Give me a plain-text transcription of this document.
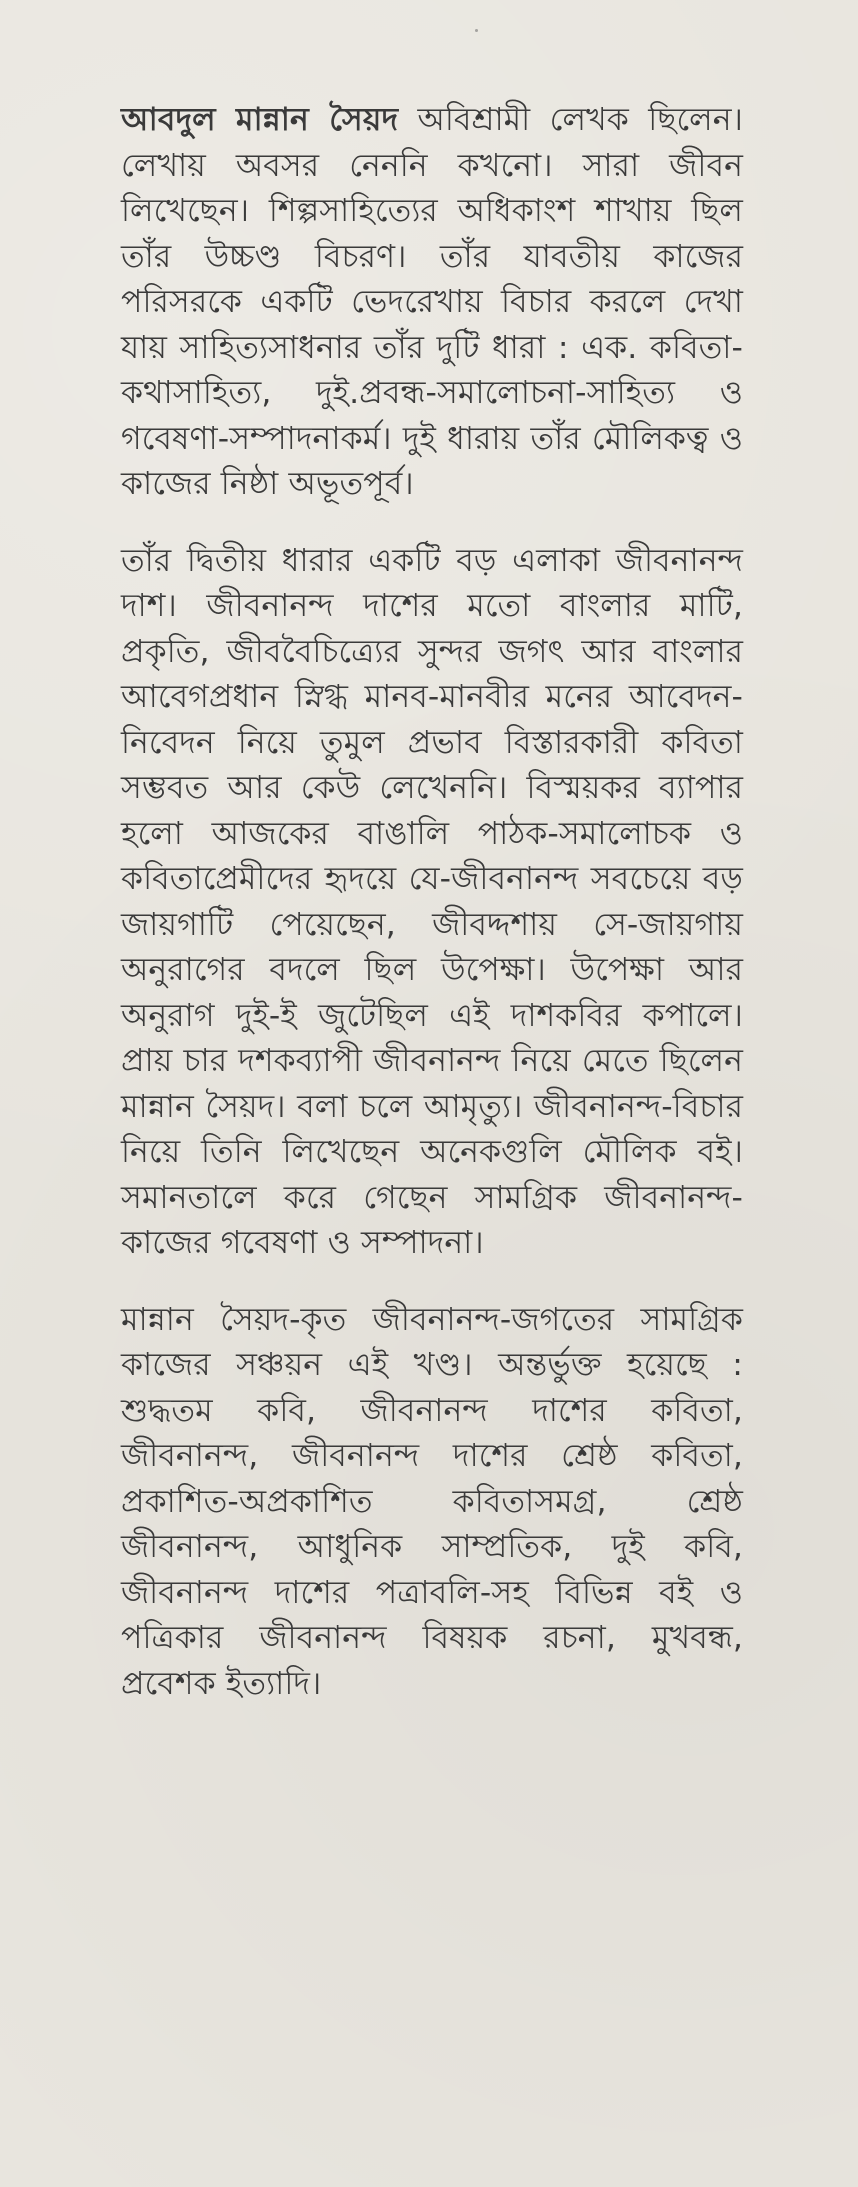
আবদুল মান্নান সৈয়দ অবিশ্রামী লেখক ছিলেন। লেখায় অবসর নেননি কখনো। সারা জীবন লিখেছেন। শিল্পসাহিত্যের অধিকাংশ শাখায় ছিল তাঁর উচ্চণ্ড বিচরণ। তাঁর যাবতীয় কাজের পরিসরকে একটি ভেদরেখায় বিচার করলে দেখা যায় সাহিত্যসাধনার তাঁর দুটি ধারা : এক. কবিতা-কথাসাহিত্য, দুই.প্রবন্ধ-সমালোচনা-সাহিত্য ও গবেষণা-সম্পাদনাকর্ম। দুই ধারায় তাঁর মৌলিকত্ব ও কাজের নিষ্ঠা অভূতপূর্ব।

তাঁর দ্বিতীয় ধারার একটি বড় এলাকা জীবনানন্দ দাশ। জীবনানন্দ দাশের মতো বাংলার মাটি, প্রকৃতি, জীববৈচিত্র্যের সুন্দর জগৎ আর বাংলার আবেগপ্রধান স্নিগ্ধ মানব-মানবীর মনের আবেদন-নিবেদন নিয়ে তুমুল প্রভাব বিস্তারকারী কবিতা সম্ভবত আর কেউ লেখেননি। বিস্ময়কর ব্যাপার হলো আজকের বাঙালি পাঠক-সমালোচক ও কবিতাপ্রেমীদের হৃদয়ে যে-জীবনানন্দ সবচেয়ে বড় জায়গাটি পেয়েছেন, জীবদ্দশায় সে-জায়গায় অনুরাগের বদলে ছিল উপেক্ষা। উপেক্ষা আর অনুরাগ দুই-ই জুটেছিল এই দাশকবির কপালে। প্রায় চার দশকব্যাপী জীবনানন্দ নিয়ে মেতে ছিলেন মান্নান সৈয়দ। বলা চলে আমৃত্যু। জীবনানন্দ-বিচার নিয়ে তিনি লিখেছেন অনেকগুলি মৌলিক বই। সমানতালে করে গেছেন সামগ্রিক জীবনানন্দ-কাজের গবেষণা ও সম্পাদনা।

মান্নান সৈয়দ-কৃত জীবনানন্দ-জগতের সামগ্রিক কাজের সঞ্চয়ন এই খণ্ড। অন্তর্ভুক্ত হয়েছে : শুদ্ধতম কবি, জীবনানন্দ দাশের কবিতা, জীবনানন্দ, জীবনানন্দ দাশের শ্রেষ্ঠ কবিতা, প্রকাশিত-অপ্রকাশিত কবিতাসমগ্র, শ্রেষ্ঠ জীবনানন্দ, আধুনিক সাম্প্রতিক, দুই কবি, জীবনানন্দ দাশের পত্রাবলি-সহ বিভিন্ন বই ও পত্রিকার জীবনানন্দ বিষয়ক রচনা, মুখবন্ধ, প্রবেশক ইত্যাদি।
